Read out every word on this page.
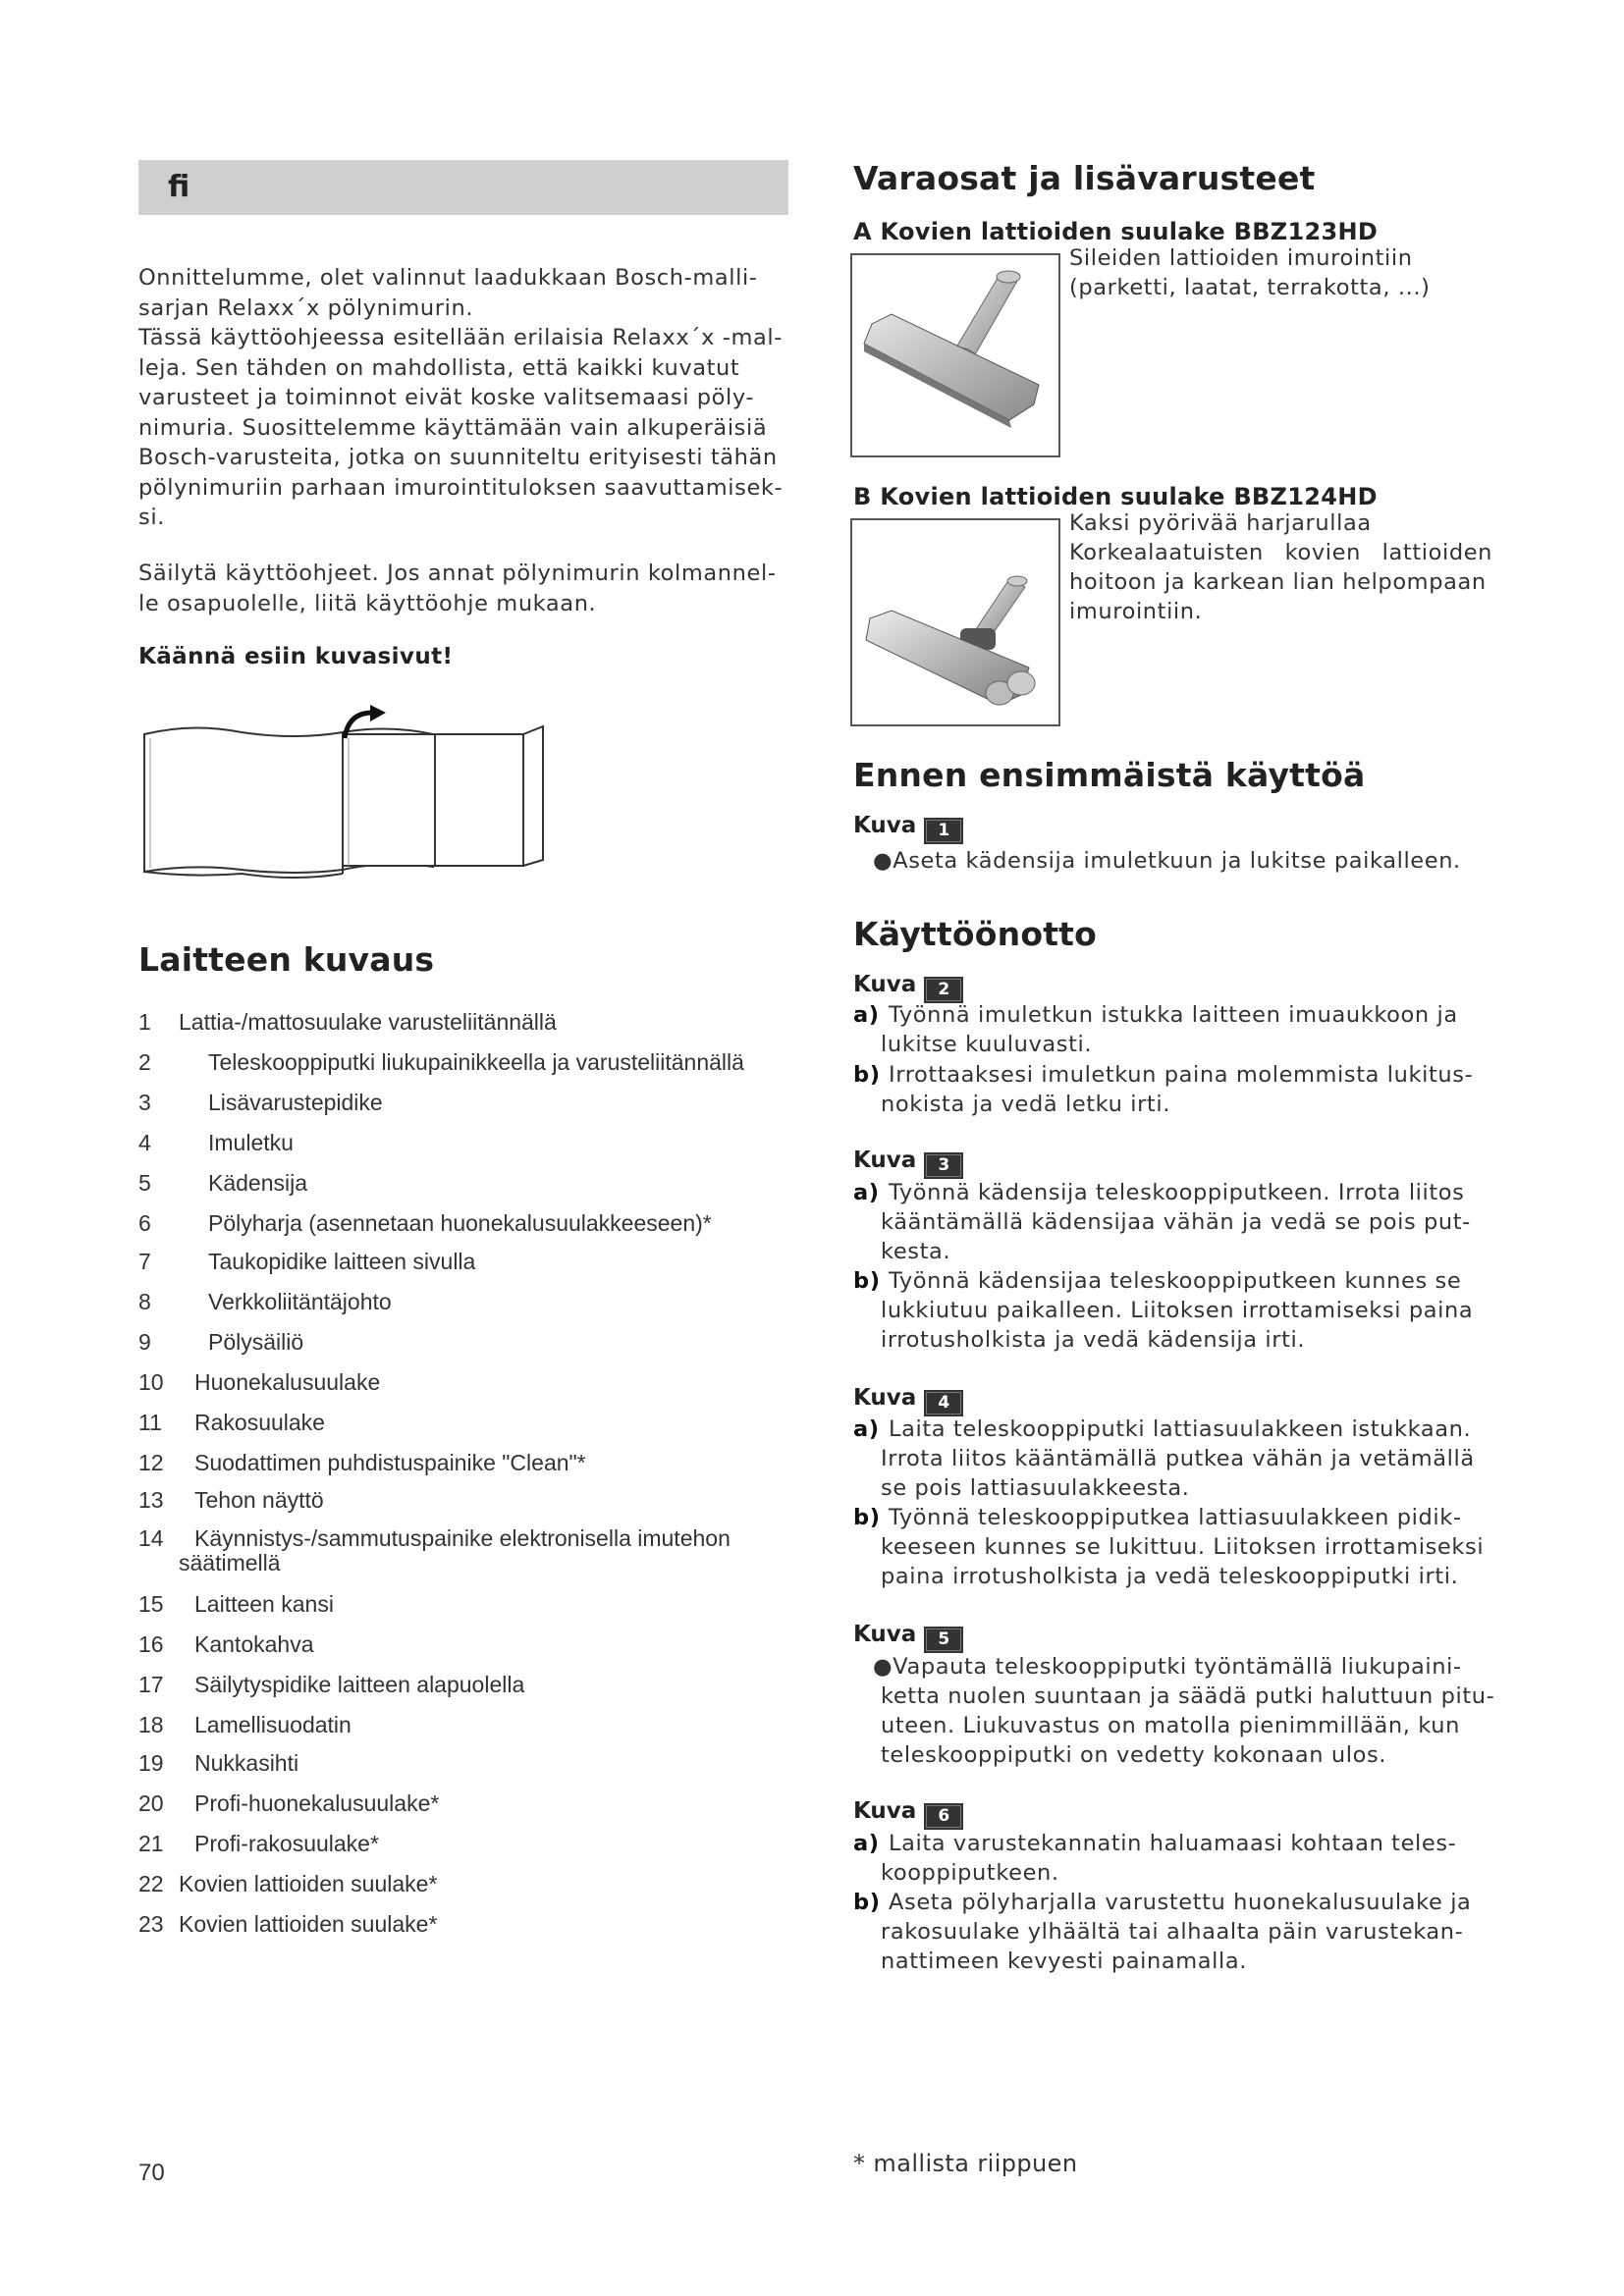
fi
Onnittelumme, olet valinnut laadukkaan Bosch-malli-
sarjan Relaxx´x pölynimurin.
Tässä käyttöohjeessa esitellään erilaisia Relaxx´x -mal-
leja. Sen tähden on mahdollista, että kaikki kuvatut
varusteet ja toiminnot eivät koske valitsemaasi pöly-
nimuria. Suosittelemme käyttämään vain alkuperäisiä
Bosch-varusteita, jotka on suunniteltu erityisesti tähän
pölynimuriin parhaan imurointituloksen saavuttamisek-
si.
Säilytä käyttöohjeet. Jos annat pölynimurin kolmannel-
le osapuolelle, liitä käyttöohje mukaan.
Käännä esiin kuvasivut!
Laitteen kuvaus
1 Lattia-/mattosuulake varusteliitännällä
2	Teleskooppiputki liukupainikkeella ja varusteliitännällä
3	Lisävarustepidike
4	Imuletku
5	Kädensija
6	Pölyharja (asennetaan huonekalusuulakkeeseen)*
7	Taukopidike laitteen sivulla
8	Verkkoliitäntäjohto
9	Pölysäiliö
10 Huonekalusuulake
11 Rakosuulake
12 Suodattimen puhdistuspainike "Clean"*
13 Tehon näyttö
14 Käynnistys-/sammutuspainike elektronisella imutehon
säätimellä
15 Laitteen kansi
16 Kantokahva
17 Säilytyspidike laitteen alapuolella
18 Lamellisuodatin
19 Nukkasihti
20 Profi-huonekalusuulake*
21 Profi-rakosuulake*
22 Kovien lattioiden suulake*
23 Kovien lattioiden suulake*
70
Varaosat ja lisävarusteet
A Kovien lattioiden suulake BBZ123HD
Sileiden lattioiden imurointiin
(parketti, laatat, terrakotta, ...)
B Kovien lattioiden suulake BBZ124HD
Kaksi pyörivää harjarullaa
Korkealaatuisten kovien lattioiden
hoitoon ja karkean lian helpompaan
imurointiin.
Ennen ensimmäistä käyttöä
Kuva 1
●Aseta kädensija imuletkuun ja lukitse paikalleen.
Käyttöönotto
Kuva 2
a) Työnnä imuletkun istukka laitteen imuaukkoon ja
lukitse kuuluvasti.
b) Irrottaaksesi imuletkun paina molemmista lukitus-
nokista ja vedä letku irti.
Kuva 3
a) Työnnä kädensija teleskooppiputkeen. Irrota liitos
kääntämällä kädensijaa vähän ja vedä se pois put-
kesta.
b) Työnnä kädensijaa teleskooppiputkeen kunnes se
lukkiutuu paikalleen. Liitoksen irrottamiseksi paina
irrotusholkista ja vedä kädensija irti.
Kuva 4
a) Laita teleskooppiputki lattiasuulakkeen istukkaan.
Irrota liitos kääntämällä putkea vähän ja vetämällä
se pois lattiasuulakkeesta.
b) Työnnä teleskooppiputkea lattiasuulakkeen pidik-
keeseen kunnes se lukittuu. Liitoksen irrottamiseksi
paina irrotusholkista ja vedä teleskooppiputki irti.
Kuva 5
●Vapauta teleskooppiputki työntämällä liukupaini-
ketta nuolen suuntaan ja säädä putki haluttuun pitu-
uteen. Liukuvastus on matolla pienimmillään, kun
teleskooppiputki on vedetty kokonaan ulos.
Kuva 6
a) Laita varustekannatin haluamaasi kohtaan teles-
kooppiputkeen.
b) Aseta pölyharjalla varustettu huonekalusuulake ja
rakosuulake ylhäältä tai alhaalta päin varustekan-
nattimeen kevyesti painamalla.
* mallista riippuen
